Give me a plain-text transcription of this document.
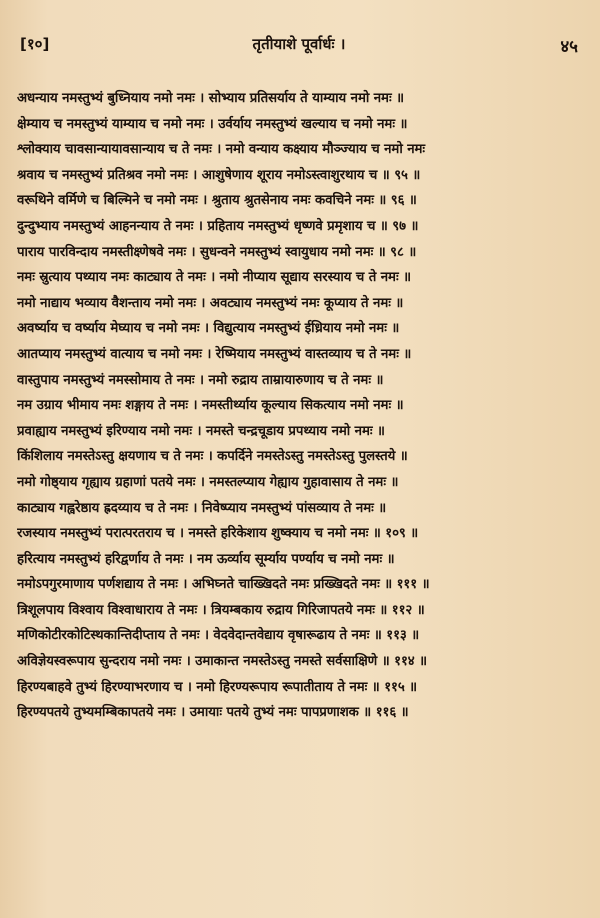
[१०]	तृतीयाशे पूर्वार्धः ।	४५
अधन्याय नमस्तुभ्यं बुध्नियाय नमो नमः । सोभ्याय प्रतिसर्याय ते याम्याय नमो नमः ॥
क्षेम्याय च नमस्तुभ्यं याम्याय च नमो नमः । उर्वर्याय नमस्तुभ्यं खल्याय च नमो नमः ॥
श्लोक्याय चावसान्यायावसान्याय च ते नमः । नमो वन्याय कक्ष्याय मौञ्ज्याय च नमो नमः
श्रवाय च नमस्तुभ्यं प्रतिश्रव नमो नमः । आशुषेणाय शूराय नमोऽस्त्वाशुरथाय च ॥ ९५ ॥
वरूथिने वर्मिणे च बिल्मिने च नमो नमः । श्रुताय श्रुतसेनाय नमः कवचिने नमः ॥ ९६ ॥
दुन्दुभ्याय नमस्तुभ्यं आहनन्याय ते नमः । प्रहिताय नमस्तुभ्यं धृष्णवे प्रमृशाय च ॥ ९७ ॥
पाराय पारविन्दाय नमस्तीक्ष्णेषवे नमः । सुधन्वने नमस्तुभ्यं स्वायुधाय नमो नमः ॥ ९८ ॥
नमः स्रुत्याय पथ्याय नमः काट्याय ते नमः । नमो नीप्याय सूद्याय सरस्याय च ते नमः ॥
नमो नाद्याय भव्याय वैशन्ताय नमो नमः । अवट्याय नमस्तुभ्यं नमः कूप्याय ते नमः ॥
अवर्ष्याय च वर्ष्याय मेघ्याय च नमो नमः । विद्युत्याय नमस्तुभ्यं ईध्रियाय नमो नमः ॥
आतप्याय नमस्तुभ्यं वात्याय च नमो नमः । रेष्मियाय नमस्तुभ्यं वास्तव्याय च ते नमः ॥
वास्तुपाय नमस्तुभ्यं नमस्सोमाय ते नमः । नमो रुद्राय ताम्रायारुणाय च ते नमः ॥
नम उग्राय भीमाय नमः शङ्गाय ते नमः । नमस्तीर्थ्याय कूल्याय सिकत्याय नमो नमः ॥
प्रवाह्याय नमस्तुभ्यं इरिण्याय नमो नमः । नमस्ते चन्द्रचूडाय प्रपथ्याय नमो नमः ॥
किंशिलाय नमस्तेऽस्तु क्षयणाय च ते नमः । कपर्दिने नमस्तेऽस्तु नमस्तेऽस्तु पुलस्तये ॥
नमो गोष्ठ्याय गृह्याय ग्रहाणां पतये नमः । नमस्तल्प्याय गेह्याय गुहावासाय ते नमः ॥
काट्याय गह्वरेष्ठाय ह्रदय्याय च ते नमः । निवेष्प्याय नमस्तुभ्यं पांसव्याय ते नमः ॥
रजस्याय नमस्तुभ्यं परात्परतराय च । नमस्ते हरिकेशाय शुष्क्याय च नमो नमः ॥ १०९ ॥
हरित्याय नमस्तुभ्यं हरिद्वर्णाय ते नमः । नम ऊर्व्याय सूर्म्याय पर्ण्याय च नमो नमः ॥
नमोऽपगुरमाणाय पर्णशद्याय ते नमः । अभिघ्नते चाख्खिदते नमः प्रख्खिदते नमः ॥ १११ ॥
त्रिशूलपाय विश्वाय विश्वाधाराय ते नमः । त्रियम्बकाय रुद्राय गिरिजापतये नमः ॥ ११२ ॥
मणिकोटीरकोटिस्थकान्तिदीप्ताय ते नमः । वेदवेदान्तवेद्याय वृषारूढाय ते नमः ॥ ११३ ॥
अविज्ञेयस्वरूपाय सुन्दराय नमो नमः । उमाकान्त नमस्तेऽस्तु नमस्ते सर्वसाक्षिणे ॥ ११४ ॥
हिरण्यबाहवे तुभ्यं हिरण्याभरणाय च । नमो हिरण्यरूपाय रूपातीताय ते नमः ॥ ११५ ॥
हिरण्यपतये तुभ्यमम्बिकापतये नमः । उमायाः पतये तुभ्यं नमः पापप्रणाशक ॥ ११६ ॥
